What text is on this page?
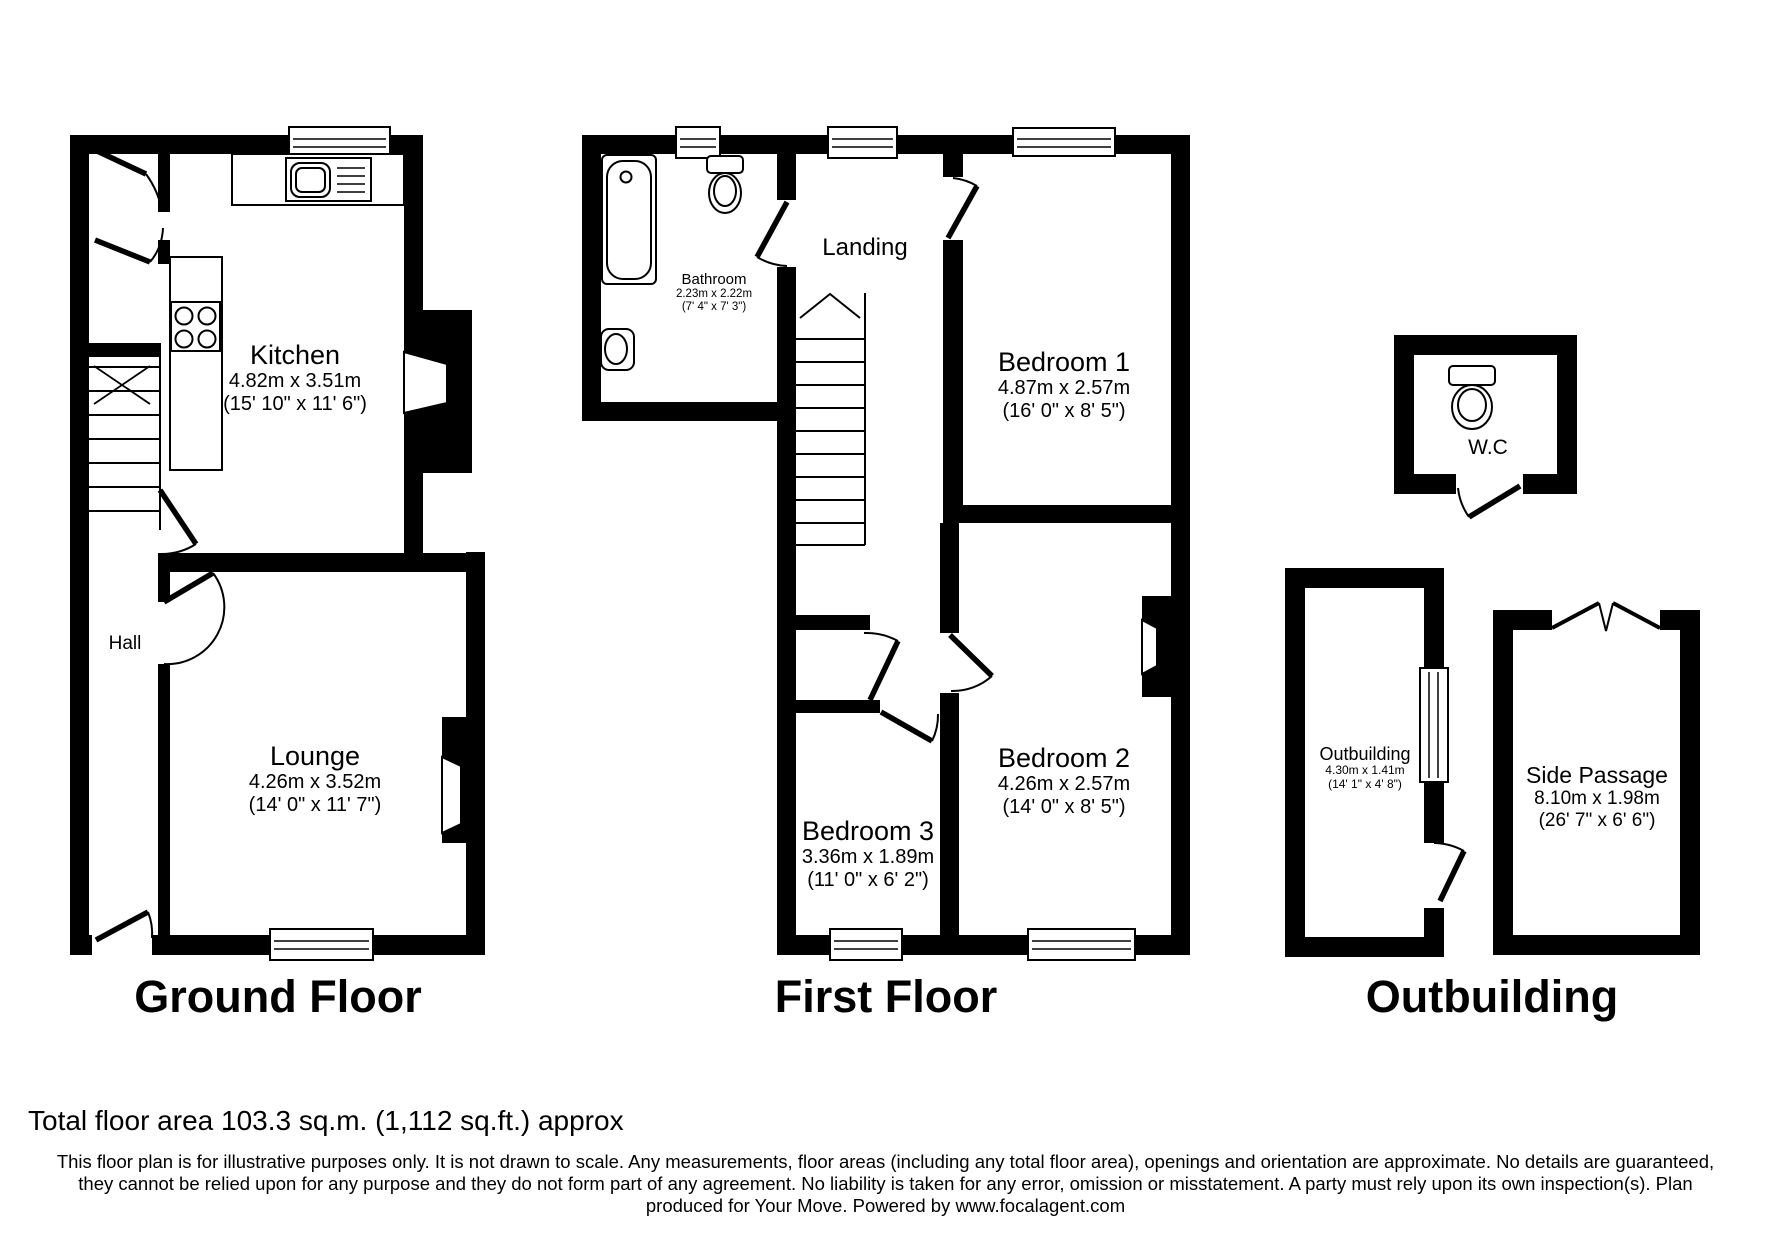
Kitchen
4.82m x 3.51m
(15' 10" x 11' 6")
Hall
Lounge
4.26m x 3.52m
(14' 0" x 11' 7")
Bathroom
2.23m x 2.22m
(7' 4" x 7' 3")
Landing
Bedroom 1
4.87m x 2.57m
(16' 0" x 8' 5")
Bedroom 2
4.26m x 2.57m
(14' 0" x 8' 5")
Bedroom 3
3.36m x 1.89m
(11' 0" x 6' 2")
W.C
Outbuilding
4.30m x 1.41m
(14' 1" x 4' 8")	Side Passage
8.10m x 1.98m
(26' 7" x 6' 6")
Ground Floor	First Floor	Outbuilding
Total floor area 103.3 sq.m. (1,112 sq.ft.) approx
This floor plan is for illustrative purposes only. It is not drawn to scale. Any measurements, floor areas (including any total floor area), openings and orientation are approximate. No details are guaranteed,
they cannot be relied upon for any purpose and they do not form part of any agreement. No liability is taken for any error, omission or misstatement. A party must rely upon its own inspection(s). Plan
produced for Your Move. Powered by www.focalagent.com
